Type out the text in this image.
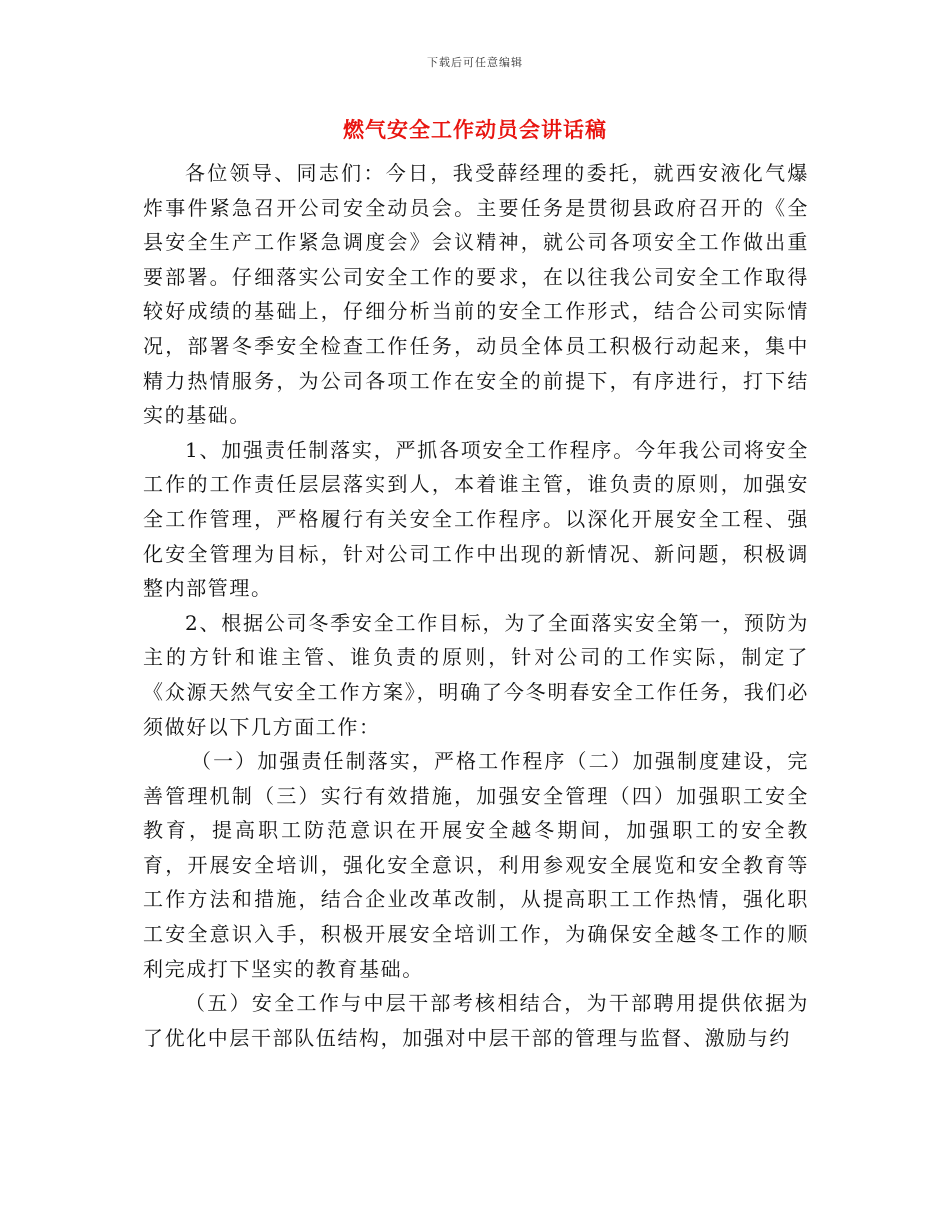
下载后可任意编辑
燃气安全工作动员会讲话稿

各位领导、同志们：今日，我受薛经理的委托，就西安液化气爆炸事件紧急召开公司安全动员会。主要任务是贯彻县政府召开的《全县安全生产工作紧急调度会》会议精神，就公司各项安全工作做出重要部署。仔细落实公司安全工作的要求，在以往我公司安全工作取得较好成绩的基础上，仔细分析当前的安全工作形式，结合公司实际情况，部署冬季安全检查工作任务，动员全体员工积极行动起来，集中精力热情服务，为公司各项工作在安全的前提下，有序进行，打下结实的基础。

1、加强责任制落实，严抓各项安全工作程序。今年我公司将安全工作的工作责任层层落实到人，本着谁主管，谁负责的原则，加强安全工作管理，严格履行有关安全工作程序。以深化开展安全工程、强化安全管理为目标，针对公司工作中出现的新情况、新问题，积极调整内部管理。

2、根据公司冬季安全工作目标，为了全面落实安全第一，预防为主的方针和谁主管、谁负责的原则，针对公司的工作实际，制定了《众源天然气安全工作方案》，明确了今冬明春安全工作任务，我们必须做好以下几方面工作：

（一）加强责任制落实，严格工作程序（二）加强制度建设，完善管理机制（三）实行有效措施，加强安全管理（四）加强职工安全教育，提高职工防范意识在开展安全越冬期间，加强职工的安全教育，开展安全培训，强化安全意识，利用参观安全展览和安全教育等工作方法和措施，结合企业改革改制，从提高职工工作热情，强化职工安全意识入手，积极开展安全培训工作，为确保安全越冬工作的顺利完成打下坚实的教育基础。

（五）安全工作与中层干部考核相结合，为干部聘用提供依据为了优化中层干部队伍结构，加强对中层干部的管理与监督、激励与约
